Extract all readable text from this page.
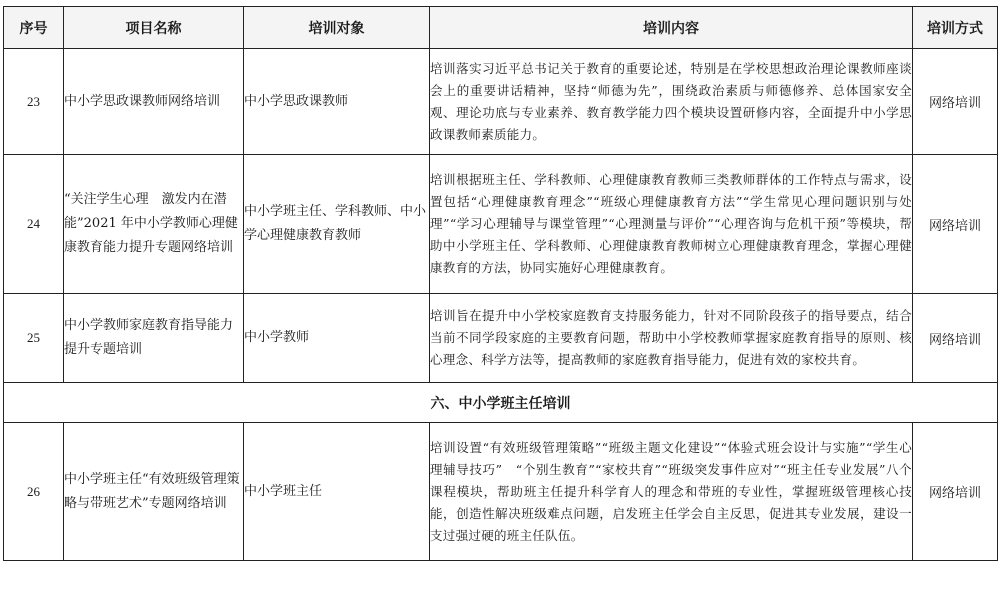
序号	项目名称	培训对象	培训内容	培训方式
23	中小学思政课教师网络培训	中小学思政课教师	培训落实习近平总书记关于教育的重要论述，特别是在学校思想政治理论课教师座谈会上的重要讲话精神，坚持“师德为先”，围绕政治素质与师德修养、总体国家安全观、理论功底与专业素养、教育教学能力四个模块设置研修内容，全面提升中小学思政课教师素质能力。	网络培训
24	“关注学生心理　激发内在潜能”2021 年中小学教师心理健康教育能力提升专题网络培训	中小学班主任、学科教师、中小学心理健康教育教师	培训根据班主任、学科教师、心理健康教育教师三类教师群体的工作特点与需求，设置包括“心理健康教育理念”“班级心理健康教育方法”“学生常见心理问题识别与处理”“学习心理辅导与课堂管理”“心理测量与评价”“心理咨询与危机干预”等模块，帮助中小学班主任、学科教师、心理健康教育教师树立心理健康教育理念，掌握心理健康教育的方法，协同实施好心理健康教育。	网络培训
25	中小学教师家庭教育指导能力提升专题培训	中小学教师	培训旨在提升中小学校家庭教育支持服务能力，针对不同阶段孩子的指导要点，结合当前不同学段家庭的主要教育问题，帮助中小学校教师掌握家庭教育指导的原则、核心理念、科学方法等，提高教师的家庭教育指导能力，促进有效的家校共育。	网络培训
六、中小学班主任培训				
26	中小学班主任“有效班级管理策略与带班艺术”专题网络培训	中小学班主任	培训设置“有效班级管理策略”“班级主题文化建设”“体验式班会设计与实施”“学生心理辅导技巧”　“个别生教育”“家校共育”“班级突发事件应对”“班主任专业发展”八个课程模块，帮助班主任提升科学育人的理念和带班的专业性，掌握班级管理核心技能，创造性解决班级难点问题，启发班主任学会自主反思，促进其专业发展，建设一支过强过硬的班主任队伍。	网络培训
